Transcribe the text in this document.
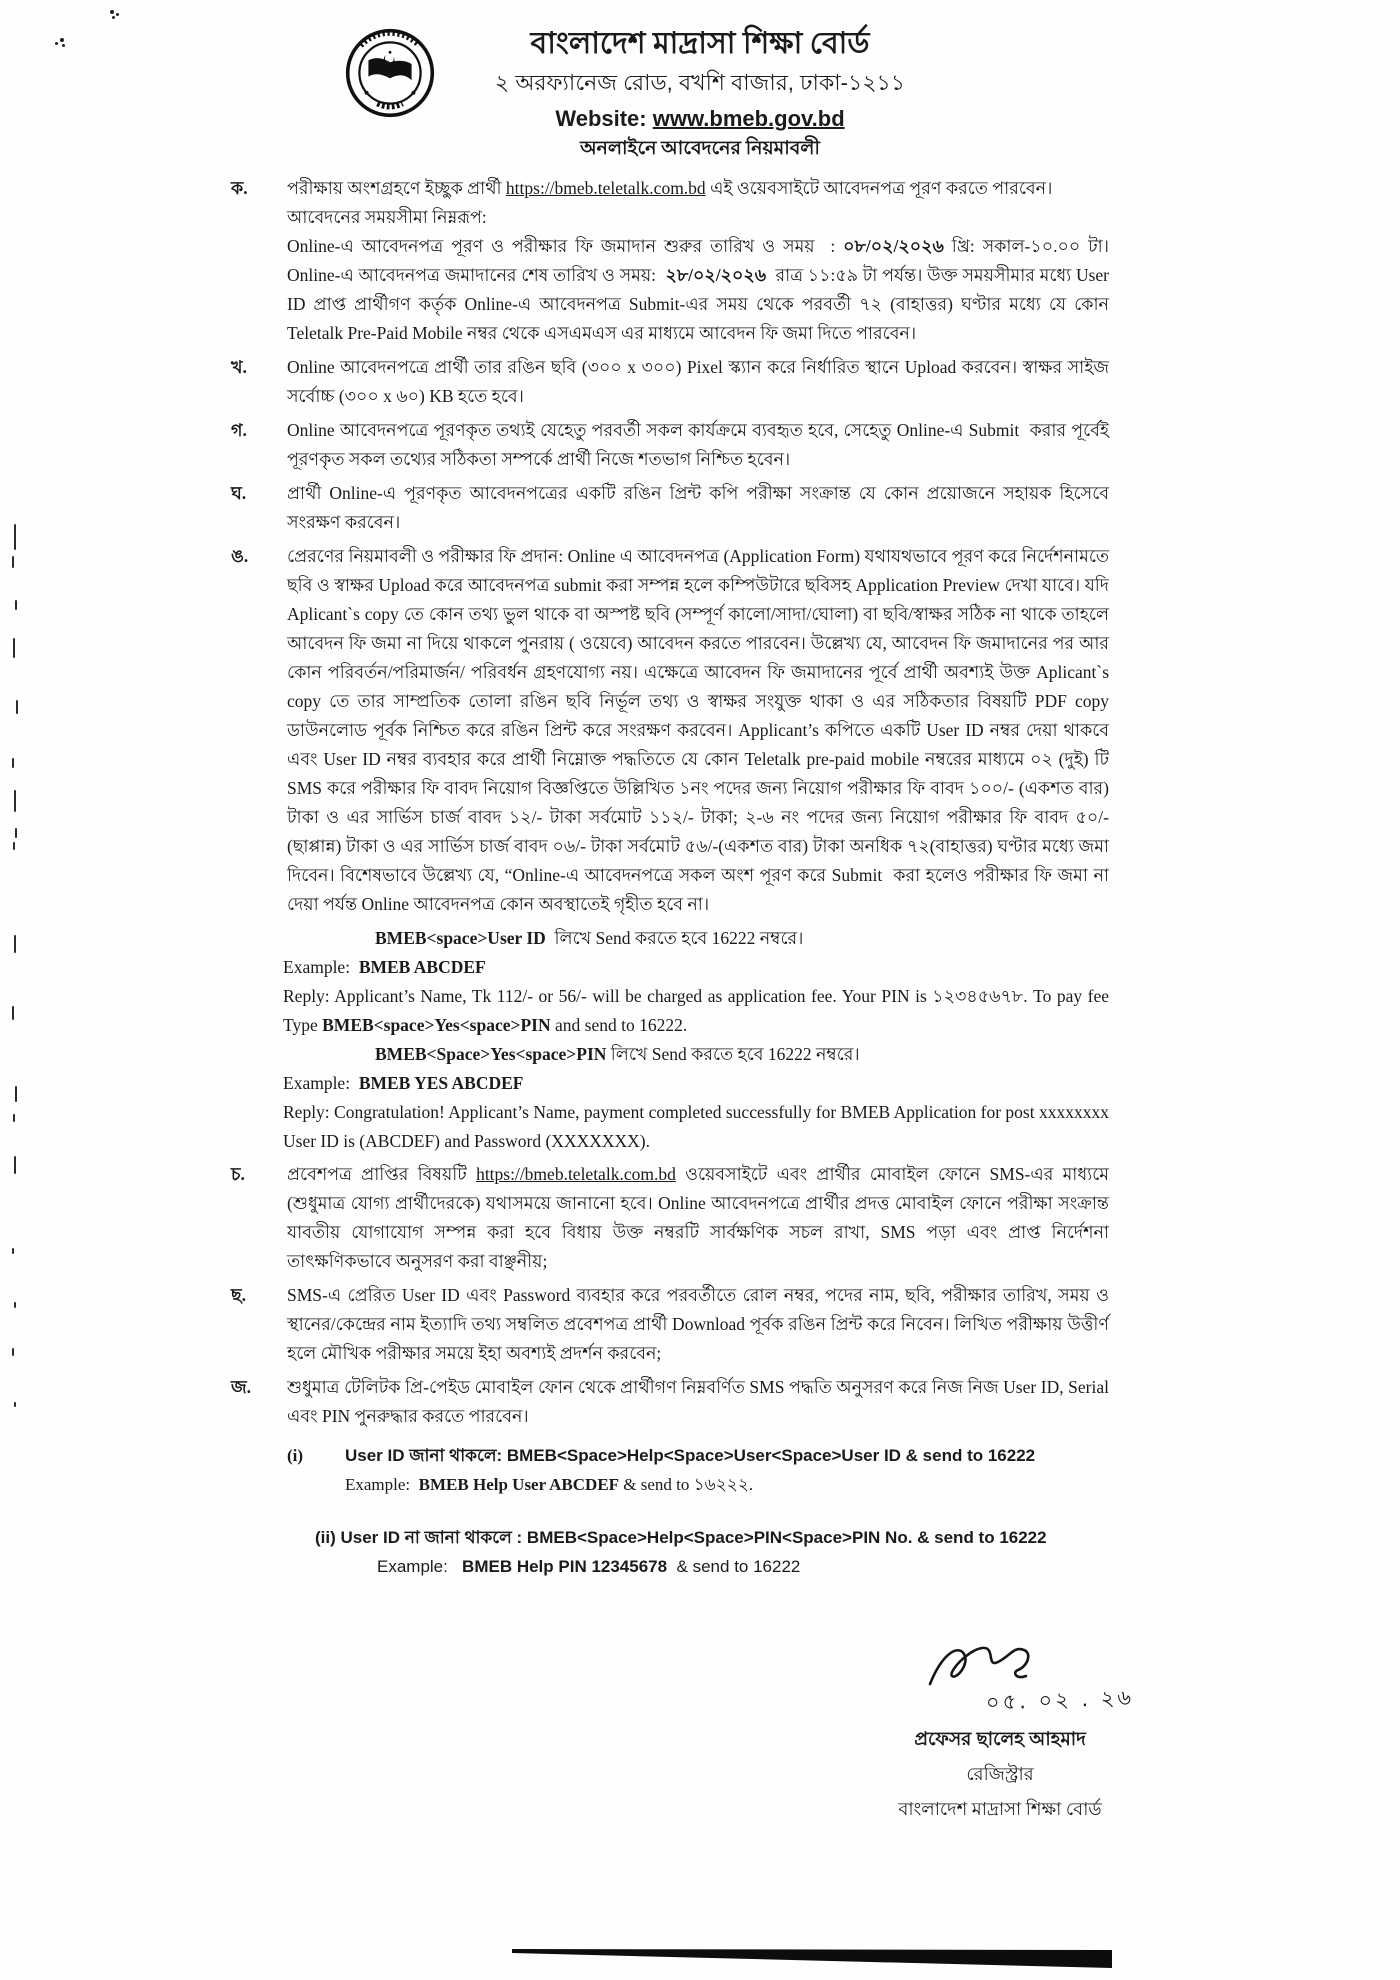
বাংলাদেশ মাদ্রাসা শিক্ষা বোর্ড
২ অরফ্যানেজ রোড, বখশি বাজার, ঢাকা-১২১১
Website: www.bmeb.gov.bd
অনলাইনে আবেদনের নিয়মাবলী
ক.	পরীক্ষায় অংশগ্রহণে ইচ্ছুক প্রার্থী https://bmeb.teletalk.com.bd এই ওয়েবসাইটে আবেদনপত্র পূরণ করতে পারবেন।
আবেদনের সময়সীমা নিম্নরূপ:
Online-এ আবেদনপত্র পূরণ ও পরীক্ষার ফি জমাদান শুরুর তারিখ ও সময়  : ০৮/০২/২০২৬ খ্রি: সকাল-১০.০০ টা। Online-এ আবেদনপত্র জমাদানের শেষ তারিখ ও সময়:  ২৮/০২/২০২৬  রাত্র ১১:৫৯ টা পর্যন্ত। উক্ত সময়সীমার মধ্যে User ID প্রাপ্ত প্রার্থীগণ কর্তৃক Online-এ আবেদনপত্র Submit-এর সময় থেকে পরবর্তী ৭২ (বাহাত্তর) ঘণ্টার মধ্যে যে কোন Teletalk Pre-Paid Mobile নম্বর থেকে এসএমএস এর মাধ্যমে আবেদন ফি জমা দিতে পারবেন।
খ.	Online আবেদনপত্রে প্রার্থী তার রঙিন ছবি (৩০০ x ৩০০) Pixel স্ক্যান করে নির্ধারিত স্থানে Upload করবেন। স্বাক্ষর সাইজ সর্বোচ্চ (৩০০ x ৬০) KB হতে হবে।
গ.	Online আবেদনপত্রে পূরণকৃত তথ্যই যেহেতু পরবর্তী সকল কার্যক্রমে ব্যবহৃত হবে, সেহেতু Online-এ Submit  করার পূর্বেই পূরণকৃত সকল তথ্যের সঠিকতা সম্পর্কে প্রার্থী নিজে শতভাগ নিশ্চিত হবেন।
ঘ.	প্রার্থী Online-এ পূরণকৃত আবেদনপত্রের একটি রঙিন প্রিন্ট কপি পরীক্ষা সংক্রান্ত যে কোন প্রয়োজনে সহায়ক হিসেবে সংরক্ষণ করবেন।
ঙ.	প্রেরণের নিয়মাবলী ও পরীক্ষার ফি প্রদান: Online এ আবেদনপত্র (Application Form) যথাযথভাবে পূরণ করে নির্দেশনামতে ছবি ও স্বাক্ষর Upload করে আবেদনপত্র submit করা সম্পন্ন হলে কম্পিউটারে ছবিসহ Application Preview দেখা যাবে। যদি Aplicant`s copy তে কোন তথ্য ভুল থাকে বা অস্পষ্ট ছবি (সম্পূর্ণ কালো/সাদা/ঘোলা) বা ছবি/স্বাক্ষর সঠিক না থাকে তাহলে আবেদন ফি জমা না দিয়ে থাকলে পুনরায় ( ওয়েবে) আবেদন করতে পারবেন। উল্লেখ্য যে, আবেদন ফি জমাদানের পর আর কোন পরিবর্তন/পরিমার্জন/ পরিবর্ধন গ্রহণযোগ্য নয়। এক্ষেত্রে আবেদন ফি জমাদানের পূর্বে প্রার্থী অবশ্যই উক্ত Aplicant`s copy তে তার সাম্প্রতিক তোলা রঙিন ছবি নির্ভূল তথ্য ও স্বাক্ষর সংযুক্ত থাকা ও এর সঠিকতার বিষয়টি PDF copy ডাউনলোড পূর্বক নিশ্চিত করে রঙিন প্রিন্ট করে সংরক্ষণ করবেন। Applicant’s কপিতে একটি User ID নম্বর দেয়া থাকবে এবং User ID নম্বর ব্যবহার করে প্রার্থী নিম্নোক্ত পদ্ধতিতে যে কোন Teletalk pre-paid mobile নম্বরের মাধ্যমে ০২ (দুই) টি  SMS করে পরীক্ষার ফি বাবদ নিয়োগ বিজ্ঞপ্তিতে উল্লিখিত ১নং পদের জন্য নিয়োগ পরীক্ষার ফি বাবদ ১০০/- (একশত বার) টাকা ও এর সার্ভিস চার্জ বাবদ ১২/- টাকা সর্বমোট ১১২/- টাকা; ২-৬ নং পদের জন্য নিয়োগ পরীক্ষার ফি বাবদ ৫০/- (ছাপ্পান্ন) টাকা ও এর সার্ভিস চার্জ বাবদ ০৬/- টাকা সর্বমোট ৫৬/-(একশত বার) টাকা অনধিক ৭২(বাহাত্তর) ঘণ্টার মধ্যে জমা দিবেন। বিশেষভাবে উল্লেখ্য যে, “Online-এ আবেদনপত্রে সকল অংশ পূরণ করে Submit  করা হলেও পরীক্ষার ফি জমা না দেয়া পর্যন্ত Online আবেদনপত্র কোন অবস্থাতেই গৃহীত হবে না।
BMEB<space>User ID  লিখে Send করতে হবে 16222 নম্বরে।
Example:  BMEB ABCDEF
Reply: Applicant’s Name, Tk 112/- or 56/- will be charged as application fee. Your PIN is ১২৩৪৫৬৭৮. To pay fee Type BMEB<space>Yes<space>PIN and send to 16222.
BMEB<Space>Yes<space>PIN লিখে Send করতে হবে 16222 নম্বরে।
Example:  BMEB YES ABCDEF
Reply: Congratulation! Applicant’s Name, payment completed successfully for BMEB Application for post xxxxxxxx User ID is (ABCDEF) and Password (XXXXXXX).
চ.	প্রবেশপত্র প্রাপ্তির বিষয়টি https://bmeb.teletalk.com.bd ওয়েবসাইটে এবং প্রার্থীর মোবাইল ফোনে SMS-এর মাধ্যমে (শুধুমাত্র যোগ্য প্রার্থীদেরকে) যথাসময়ে জানানো হবে। Online আবেদনপত্রে প্রার্থীর প্রদত্ত মোবাইল ফোনে পরীক্ষা সংক্রান্ত যাবতীয় যোগাযোগ সম্পন্ন করা হবে বিধায় উক্ত নম্বরটি সার্বক্ষণিক সচল রাখা, SMS পড়া এবং প্রাপ্ত নির্দেশনা তাৎক্ষণিকভাবে অনুসরণ করা বাঞ্ছনীয়;
ছ.	SMS-এ প্রেরিত User ID এবং Password ব্যবহার করে পরবর্তীতে রোল নম্বর, পদের নাম, ছবি, পরীক্ষার তারিখ, সময় ও স্থানের/কেন্দ্রের নাম ইত্যাদি তথ্য সম্বলিত প্রবেশপত্র প্রার্থী Download পূর্বক রঙিন প্রিন্ট করে নিবেন। লিখিত পরীক্ষায় উত্তীর্ণ হলে মৌখিক পরীক্ষার সময়ে ইহা অবশ্যই প্রদর্শন করবেন;
জ.	শুধুমাত্র টেলিটক প্রি-পেইড মোবাইল ফোন থেকে প্রার্থীগণ নিম্নবর্ণিত SMS পদ্ধতি অনুসরণ করে নিজ নিজ User ID, Serial এবং PIN পুনরুদ্ধার করতে পারবেন।
(i)	User ID জানা থাকলে: BMEB<Space>Help<Space>User<Space>User ID & send to 16222
Example:  BMEB Help User ABCDEF & send to ১৬২২২.
(ii) User ID না জানা থাকলে : BMEB<Space>Help<Space>PIN<Space>PIN No. & send to 16222
Example:   BMEB Help PIN 12345678  & send to 16222
০৫. ০২ . ২৬
প্রফেসর ছালেহ আহমাদ
রেজিস্ট্রার
বাংলাদেশ মাদ্রাসা শিক্ষা বোর্ড
